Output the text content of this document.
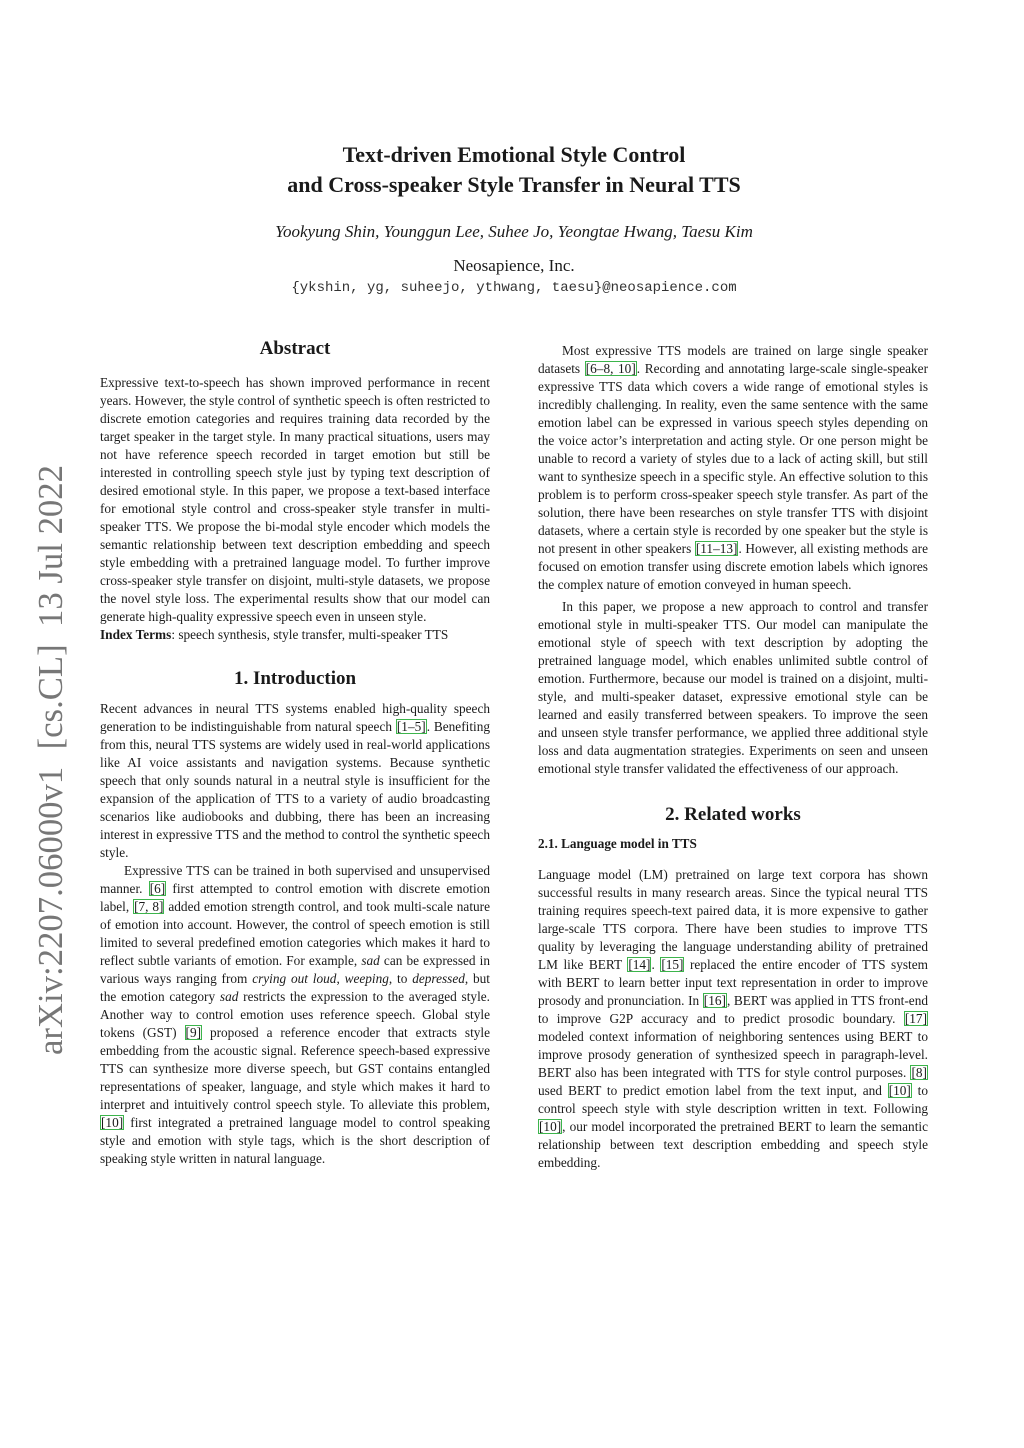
arXiv:2207.06000v1  [cs.CL]  13 Jul 2022
Text-driven Emotional Style Control
and Cross-speaker Style Transfer in Neural TTS
Yookyung Shin, Younggun Lee, Suhee Jo, Yeongtae Hwang, Taesu Kim
Neosapience, Inc.
{ykshin, yg, suheejo, ythwang, taesu}@neosapience.com
Abstract

Expressive text-to-speech has shown improved performance in recent years. However, the style control of synthetic speech is often restricted to discrete emotion categories and requires training data recorded by the target speaker in the target style. In many practical situations, users may not have reference speech recorded in target emotion but still be interested in controlling speech style just by typing text description of desired emotional style. In this paper, we propose a text-based interface for emotional style control and cross-speaker style transfer in multi-speaker TTS. We propose the bi-modal style encoder which models the semantic relationship between text description embedding and speech style embedding with a pretrained language model. To further improve cross-speaker style transfer on disjoint, multi-style datasets, we propose the novel style loss. The experimental results show that our model can generate high-quality expressive speech even in unseen style.

Index Terms: speech synthesis, style transfer, multi-speaker TTS

1. Introduction

Recent advances in neural TTS systems enabled high-quality speech generation to be indistinguishable from natural speech [1–5]. Benefiting from this, neural TTS systems are widely used in real-world applications like AI voice assistants and navigation systems. Because synthetic speech that only sounds natural in a neutral style is insufficient for the expansion of the application of TTS to a variety of audio broadcasting scenarios like audiobooks and dubbing, there has been an increasing interest in expressive TTS and the method to control the synthetic speech style.

Expressive TTS can be trained in both supervised and unsupervised manner. [6] first attempted to control emotion with discrete emotion label, [7, 8] added emotion strength control, and took multi-scale nature of emotion into account. However, the control of speech emotion is still limited to several predefined emotion categories which makes it hard to reflect subtle variants of emotion. For example, sad can be expressed in various ways ranging from crying out loud, weeping, to depressed, but the emotion category sad restricts the expression to the averaged style. Another way to control emotion uses reference speech. Global style tokens (GST) [9] proposed a reference encoder that extracts style embedding from the acoustic signal. Reference speech-based expressive TTS can synthesize more diverse speech, but GST contains entangled representations of speaker, language, and style which makes it hard to interpret and intuitively control speech style. To alleviate this problem, [10] first integrated a pretrained language model to control speaking style and emotion with style tags, which is the short description of speaking style written in natural language.

Most expressive TTS models are trained on large single speaker datasets [6–8, 10]. Recording and annotating large-scale single-speaker expressive TTS data which covers a wide range of emotional styles is incredibly challenging. In reality, even the same sentence with the same emotion label can be expressed in various speech styles depending on the voice actor’s interpretation and acting style. Or one person might be unable to record a variety of styles due to a lack of acting skill, but still want to synthesize speech in a specific style. An effective solution to this problem is to perform cross-speaker speech style transfer. As part of the solution, there have been researches on style transfer TTS with disjoint datasets, where a certain style is recorded by one speaker but the style is not present in other speakers [11–13]. However, all existing methods are focused on emotion transfer using discrete emotion labels which ignores the complex nature of emotion conveyed in human speech.

In this paper, we propose a new approach to control and transfer emotional style in multi-speaker TTS. Our model can manipulate the emotional style of speech with text description by adopting the pretrained language model, which enables unlimited subtle control of emotion. Furthermore, because our model is trained on a disjoint, multi-style, and multi-speaker dataset, expressive emotional style can be learned and easily transferred between speakers. To improve the seen and unseen style transfer performance, we applied three additional style loss and data augmentation strategies. Experiments on seen and unseen emotional style transfer validated the effectiveness of our approach.

2. Related works
2.1. Language model in TTS

Language model (LM) pretrained on large text corpora has shown successful results in many research areas. Since the typical neural TTS training requires speech-text paired data, it is more expensive to gather large-scale TTS corpora. There have been studies to improve TTS quality by leveraging the language understanding ability of pretrained LM like BERT [14]. [15] replaced the entire encoder of TTS system with BERT to learn better input text representation in order to improve prosody and pronunciation. In [16], BERT was applied in TTS front-end to improve G2P accuracy and to predict prosodic boundary. [17] modeled context information of neighboring sentences using BERT to improve prosody generation of synthesized speech in paragraph-level. BERT also has been integrated with TTS for style control purposes. [8] used BERT to predict emotion label from the text input, and [10] to control speech style with style description written in text. Following [10], our model incorporated the pretrained BERT to learn the semantic relationship between text description embedding and speech style embedding.
